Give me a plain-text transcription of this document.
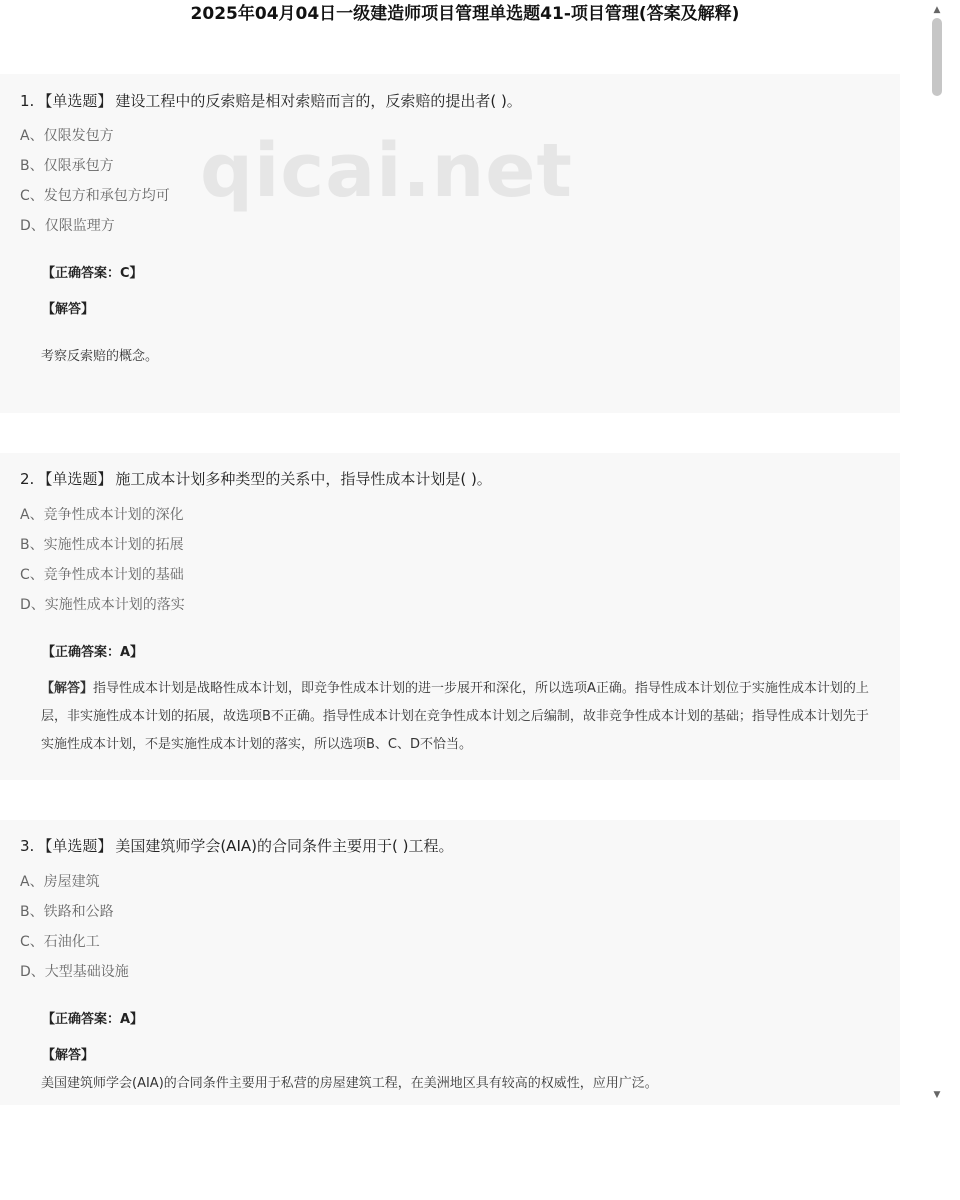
2025年04月04日一级建造师项目管理单选题41-项目管理(答案及解释)
1. 【单选题】 建设工程中的反索赔是相对索赔而言的，反索赔的提出者( )。
A、仅限发包方
B、仅限承包方
C、发包方和承包方均可
D、仅限监理方
【正确答案：C】
【解答】
考察反索赔的概念。
2. 【单选题】 施工成本计划多种类型的关系中，指导性成本计划是( )。
A、竞争性成本计划的深化
B、实施性成本计划的拓展
C、竞争性成本计划的基础
D、实施性成本计划的落实
【正确答案：A】
【解答】指导性成本计划是战略性成本计划，即竞争性成本计划的进一步展开和深化，所以选项A正确。指导性成本计划位于实施性成本计划的上层，非实施性成本计划的拓展，故选项B不正确。指导性成本计划在竞争性成本计划之后编制，故非竞争性成本计划的基础；指导性成本计划先于实施性成本计划，不是实施性成本计划的落实，所以选项B、C、D不恰当。
3. 【单选题】 美国建筑师学会(AIA)的合同条件主要用于( )工程。
A、房屋建筑
B、铁路和公路
C、石油化工
D、大型基础设施
【正确答案：A】
【解答】
美国建筑师学会(AIA)的合同条件主要用于私营的房屋建筑工程，在美洲地区具有较高的权威性，应用广泛。
qicai.net
▲
▼
